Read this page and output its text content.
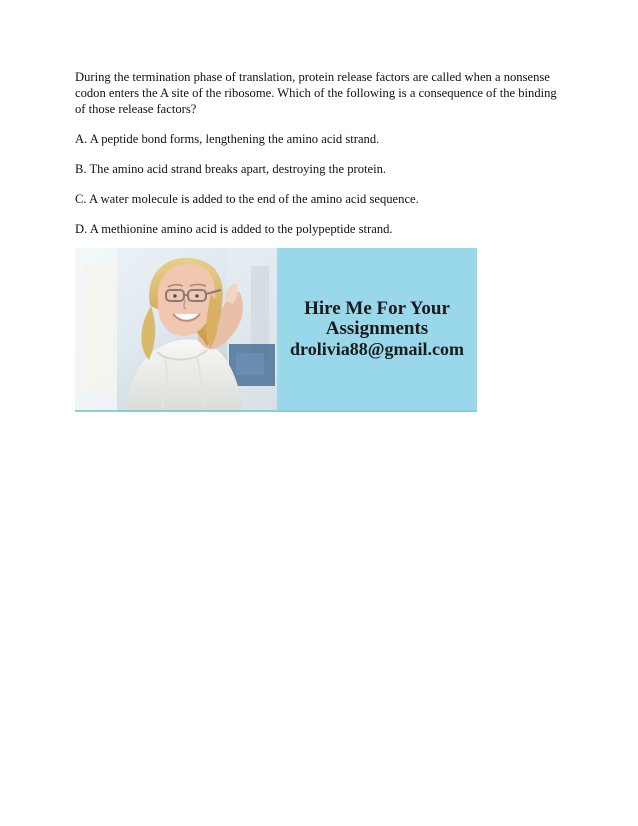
During the termination phase of translation, protein release factors are called when a nonsense
codon enters the A site of the ribosome. Which of the following is a consequence of the binding
of those release factors?

A. A peptide bond forms, lengthening the amino acid strand.

B. The amino acid strand breaks apart, destroying the protein.

C. A water molecule is added to the end of the amino acid sequence.

D. A methionine amino acid is added to the polypeptide strand.

Hire Me For Your
Assignments
drolivia88@gmail.com
